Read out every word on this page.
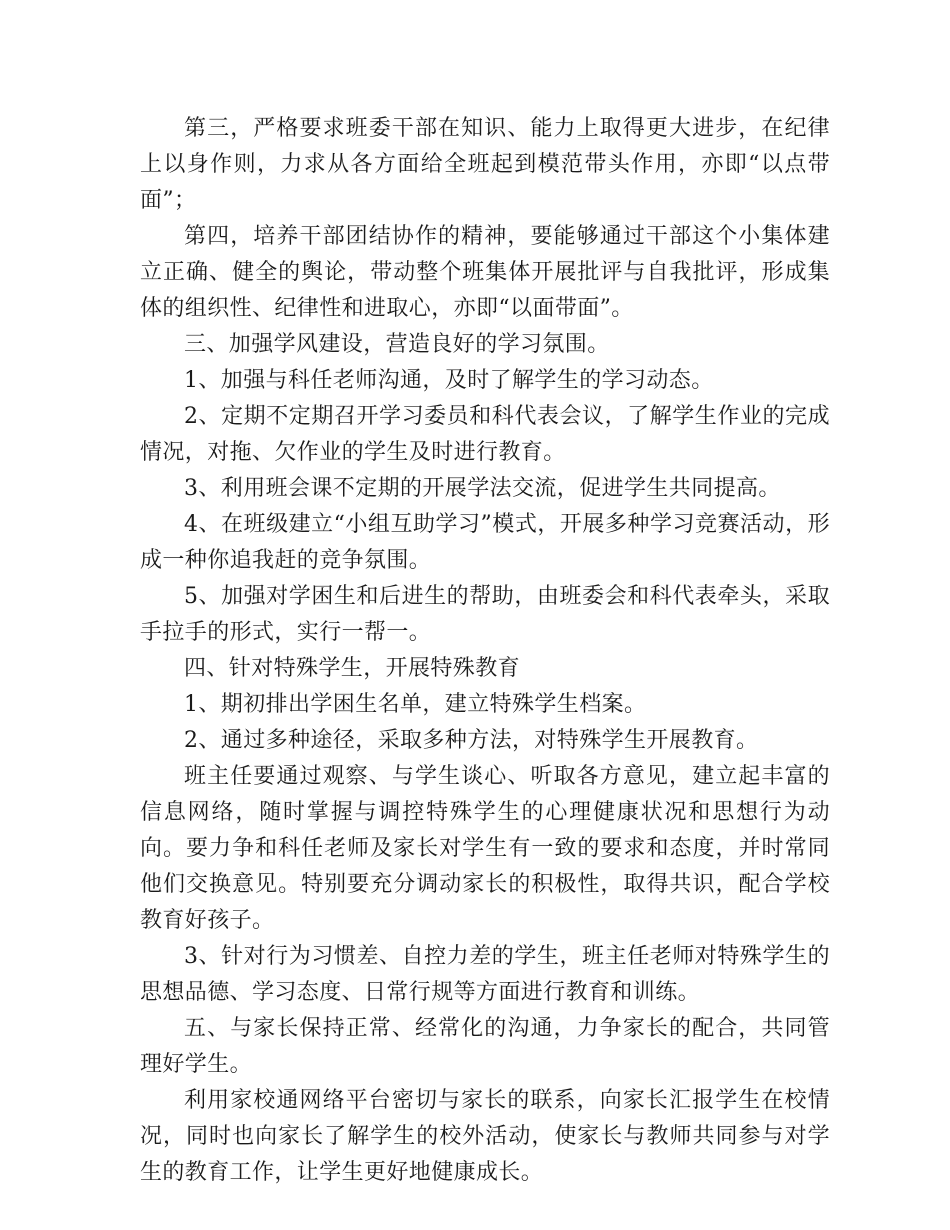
第三，严格要求班委干部在知识、能力上取得更大进步，在纪律上以身作则，力求从各方面给全班起到模范带头作用，亦即“以点带面”；

第四，培养干部团结协作的精神，要能够通过干部这个小集体建立正确、健全的舆论，带动整个班集体开展批评与自我批评，形成集体的组织性、纪律性和进取心，亦即“以面带面”。

三、加强学风建设，营造良好的学习氛围。

1、加强与科任老师沟通，及时了解学生的学习动态。

2、定期不定期召开学习委员和科代表会议，了解学生作业的完成情况，对拖、欠作业的学生及时进行教育。

3、利用班会课不定期的开展学法交流，促进学生共同提高。

4、在班级建立“小组互助学习”模式，开展多种学习竞赛活动，形成一种你追我赶的竞争氛围。

5、加强对学困生和后进生的帮助，由班委会和科代表牵头，采取手拉手的形式，实行一帮一。

四、针对特殊学生，开展特殊教育

1、期初排出学困生名单，建立特殊学生档案。

2、通过多种途径，采取多种方法，对特殊学生开展教育。

班主任要通过观察、与学生谈心、听取各方意见，建立起丰富的信息网络，随时掌握与调控特殊学生的心理健康状况和思想行为动向。要力争和科任老师及家长对学生有一致的要求和态度，并时常同他们交换意见。特别要充分调动家长的积极性，取得共识，配合学校教育好孩子。

3、针对行为习惯差、自控力差的学生，班主任老师对特殊学生的思想品德、学习态度、日常行规等方面进行教育和训练。

五、与家长保持正常、经常化的沟通，力争家长的配合，共同管理好学生。

利用家校通网络平台密切与家长的联系，向家长汇报学生在校情况，同时也向家长了解学生的校外活动，使家长与教师共同参与对学生的教育工作，让学生更好地健康成长。
